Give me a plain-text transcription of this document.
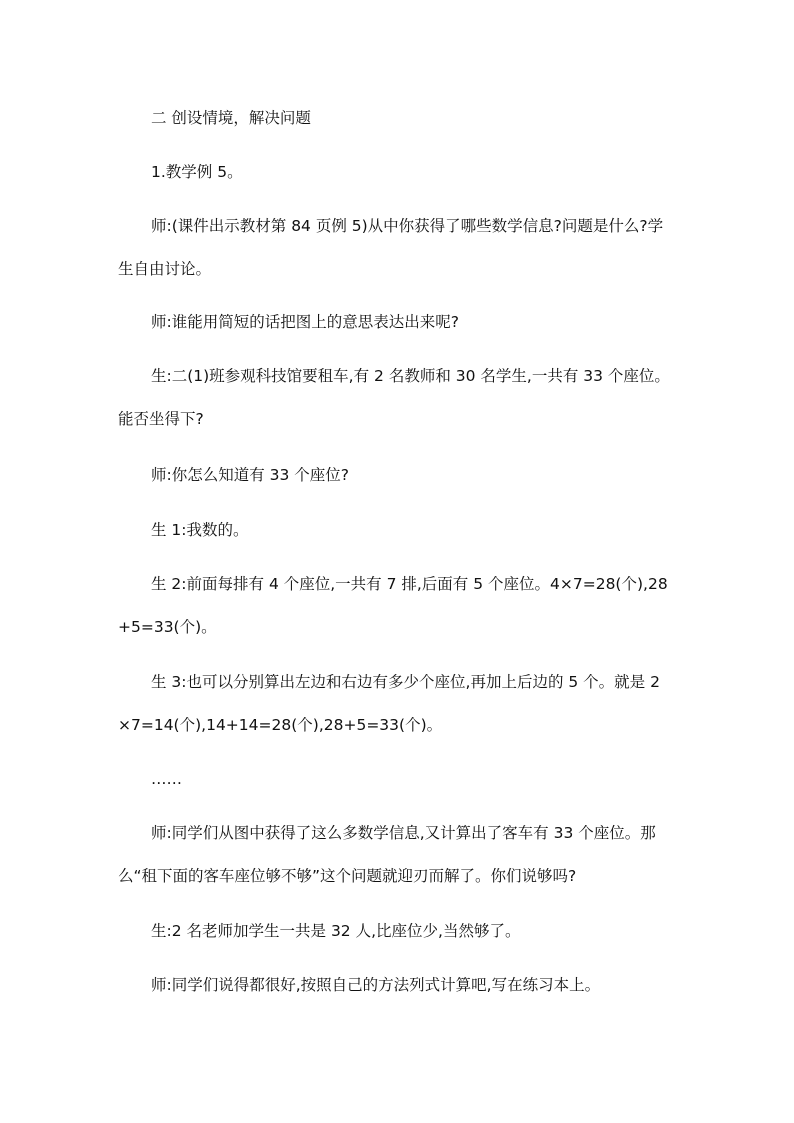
二 创设情境，解决问题

1.教学例 5。

师:(课件出示教材第 84 页例 5)从中你获得了哪些数学信息?问题是什么?学生自由讨论。

师:谁能用简短的话把图上的意思表达出来呢?

生:二(1)班参观科技馆要租车,有 2 名教师和 30 名学生,一共有 33 个座位。能否坐得下?

师:你怎么知道有 33 个座位?

生 1:我数的。

生 2:前面每排有 4 个座位,一共有 7 排,后面有 5 个座位。4×7=28(个),28+5=33(个)。

生 3:也可以分别算出左边和右边有多少个座位,再加上后边的 5 个。就是 2×7=14(个),14+14=28(个),28+5=33(个)。

……

师:同学们从图中获得了这么多数学信息,又计算出了客车有 33 个座位。那么“租下面的客车座位够不够”这个问题就迎刃而解了。你们说够吗?

生:2 名老师加学生一共是 32 人,比座位少,当然够了。

师:同学们说得都很好,按照自己的方法列式计算吧,写在练习本上。
